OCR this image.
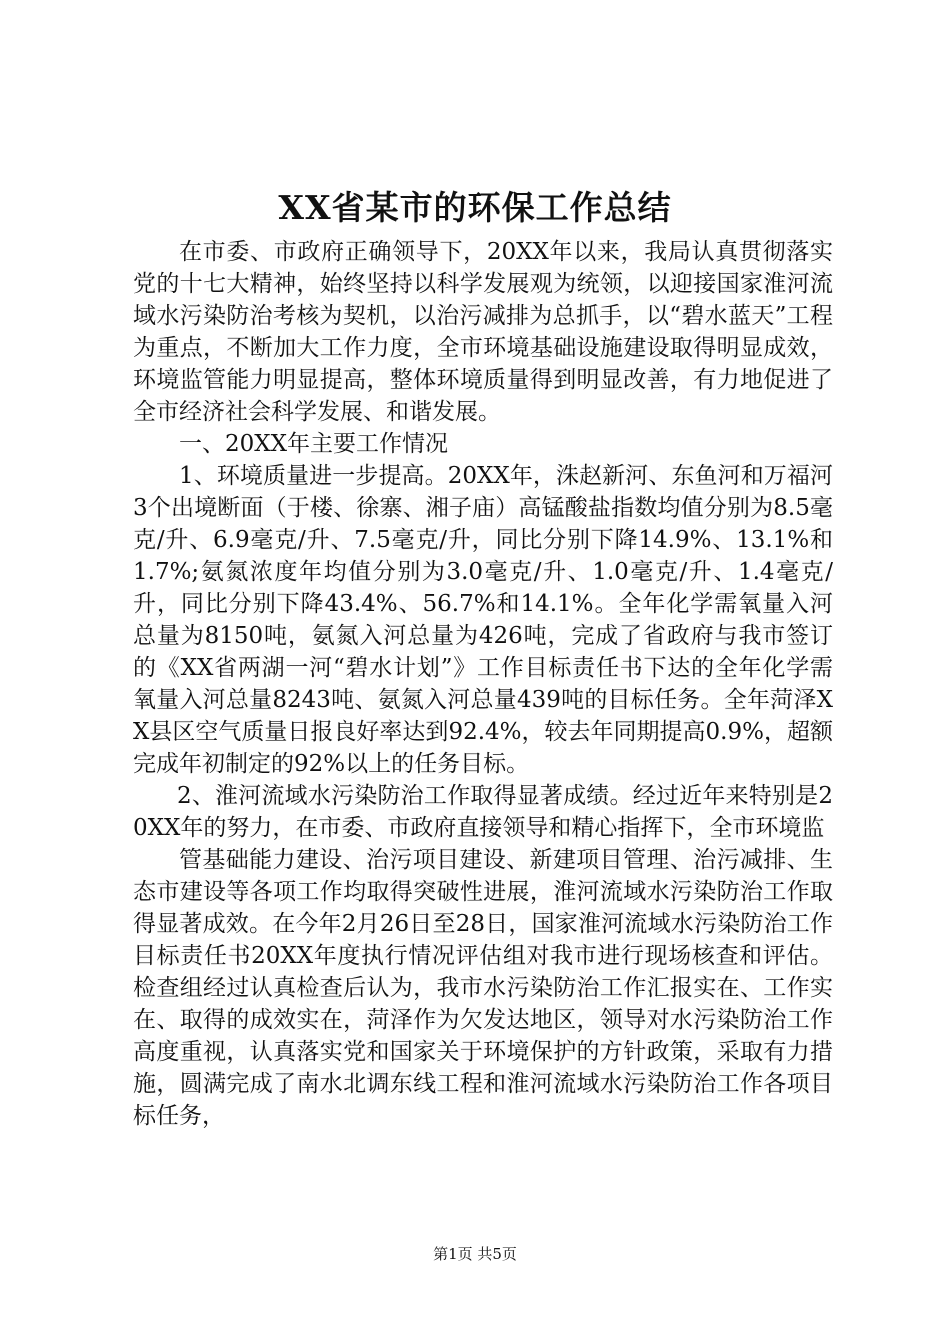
XX省某市的环保工作总结

在市委、市政府正确领导下，20XX年以来，我局认真贯彻落实党的十七大精神，始终坚持以科学发展观为统领，以迎接国家淮河流域水污染防治考核为契机，以治污减排为总抓手，以“碧水蓝天”工程为重点，不断加大工作力度，全市环境基础设施建设取得明显成效，环境监管能力明显提高，整体环境质量得到明显改善，有力地促进了全市经济社会科学发展、和谐发展。

一、20XX年主要工作情况

1、环境质量进一步提高。20XX年，洙赵新河、东鱼河和万福河3个出境断面（于楼、徐寨、湘子庙）高锰酸盐指数均值分别为8.5毫克/升、6.9毫克/升、7.5毫克/升，同比分别下降14.9%、13.1%和1.7%;氨氮浓度年均值分别为3.0毫克/升、1.0毫克/升、1.4毫克/升，同比分别下降43.4%、56.7%和14.1%。全年化学需氧量入河总量为8150吨，氨氮入河总量为426吨，完成了省政府与我市签订的《XX省两湖一河“碧水计划”》工作目标责任书下达的全年化学需氧量入河总量8243吨、氨氮入河总量439吨的目标任务。全年菏泽XX县区空气质量日报良好率达到92.4%，较去年同期提高0.9%，超额完成年初制定的92%以上的任务目标。

2、淮河流域水污染防治工作取得显著成绩。经过近年来特别是20XX年的努力，在市委、市政府直接领导和精心指挥下，全市环境监

管基础能力建设、治污项目建设、新建项目管理、治污减排、生态市建设等各项工作均取得突破性进展，淮河流域水污染防治工作取得显著成效。在今年2月26日至28日，国家淮河流域水污染防治工作目标责任书20XX年度执行情况评估组对我市进行现场核查和评估。检查组经过认真检查后认为，我市水污染防治工作汇报实在、工作实在、取得的成效实在，菏泽作为欠发达地区，领导对水污染防治工作高度重视，认真落实党和国家关于环境保护的方针政策，采取有力措施，圆满完成了南水北调东线工程和淮河流域水污染防治工作各项目标任务，

第1页 共5页
